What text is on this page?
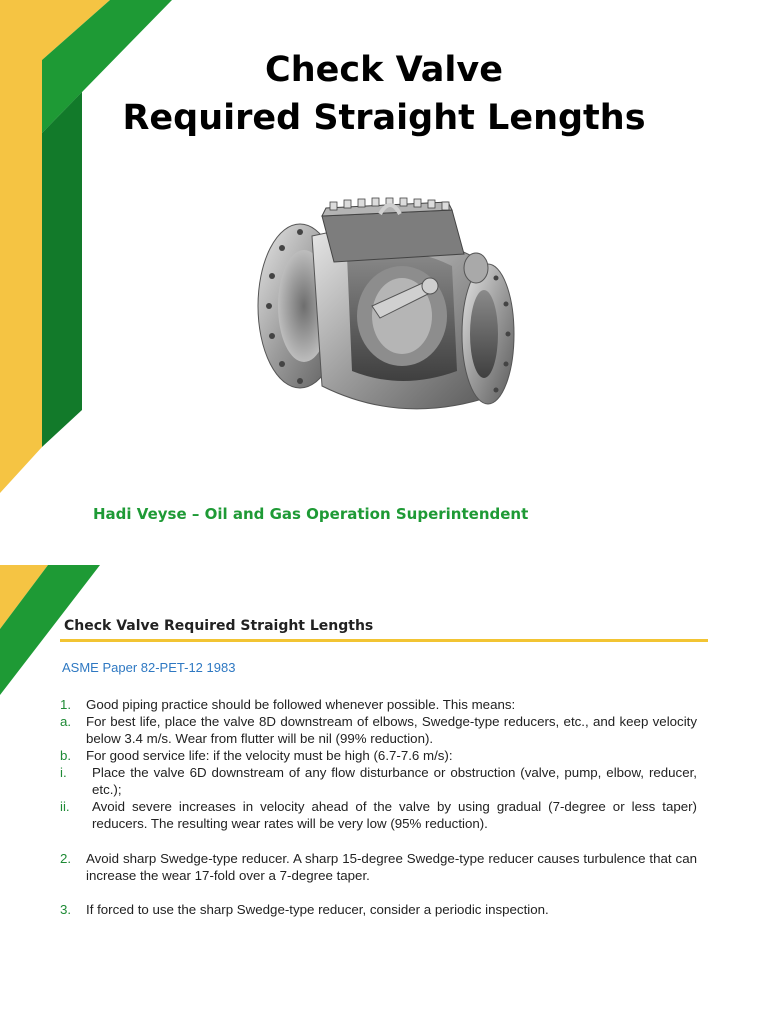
Check Valve
Required Straight Lengths
Hadi Veyse – Oil and Gas Operation Superintendent
Check Valve Required Straight Lengths
ASME Paper 82-PET-12 1983
1.	Good piping practice should be followed whenever possible. This means:
a.	For best life, place the valve 8D downstream of elbows, Swedge-type reducers, etc., and keep velocity below 3.4 m/s. Wear from flutter will be nil (99% reduction).
b.	For good service life: if the velocity must be high (6.7-7.6 m/s):
i.	Place the valve 6D downstream of any flow disturbance or obstruction (valve, pump, elbow, reducer, etc.);
ii.	Avoid severe increases in velocity ahead of the valve by using gradual (7-degree or less taper) reducers. The resulting wear rates will be very low (95% reduction).
2.	Avoid sharp Swedge-type reducer. A sharp 15-degree Swedge-type reducer causes turbulence that can increase the wear 17-fold over a 7-degree taper.
3.	If forced to use the sharp Swedge-type reducer, consider a periodic inspection.
